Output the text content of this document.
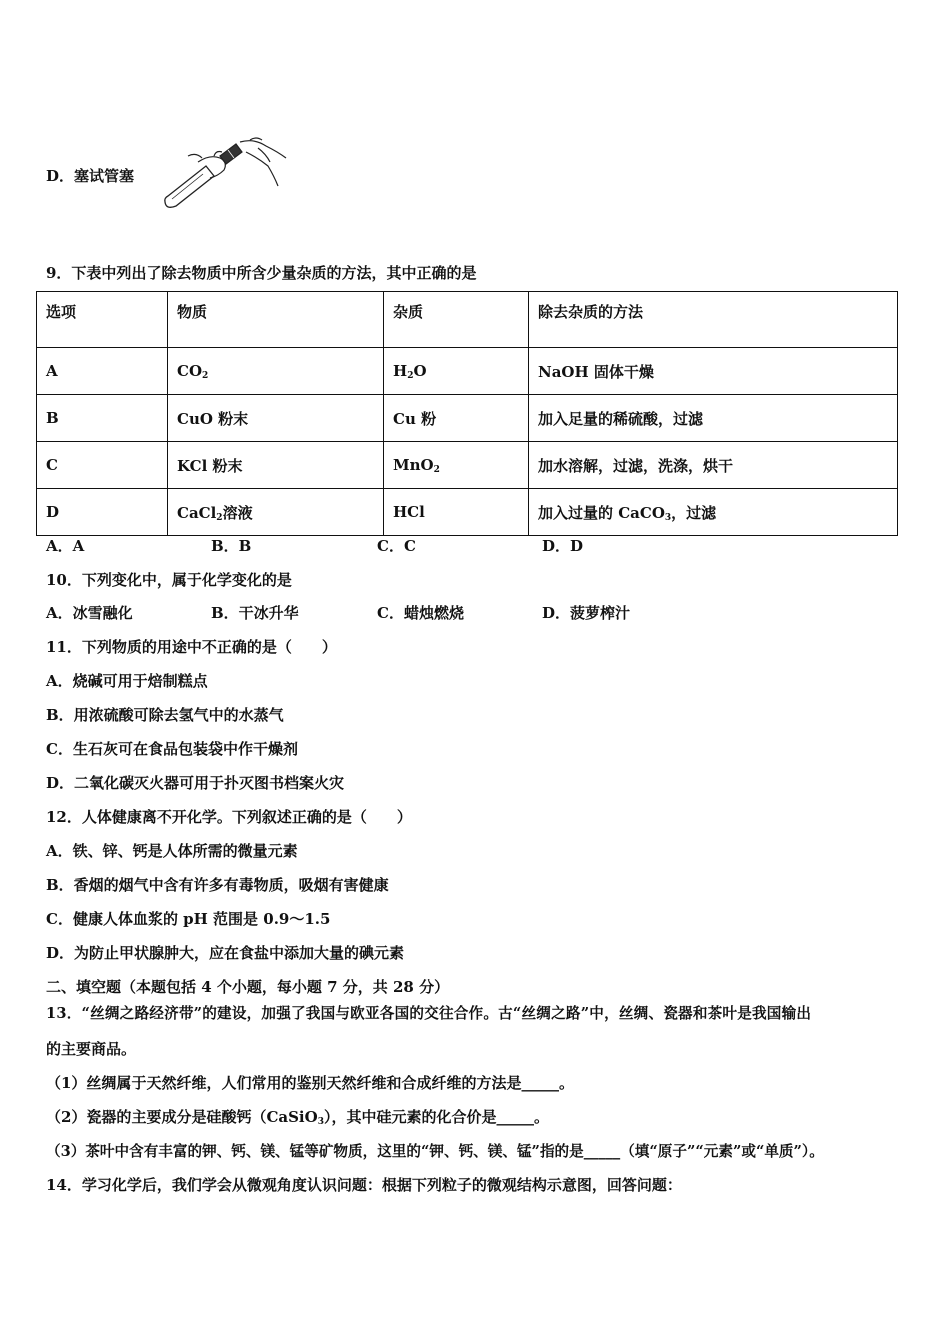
D．塞试管塞
9．下表中列出了除去物质中所含少量杂质的方法，其中正确的是
选项	物质	杂质	除去杂质的方法
A	$CO_2$	$H_2O$	NaOH 固体干燥
B	CuO 粉末	Cu 粉	加入足量的稀硫酸，过滤
C	KCl 粉末	MnO$_2$	加水溶解，过滤，洗涤，烘干
D	CaCl$_2$溶液	HCl	加入过量的 CaCO$_3$，过滤
A．A	B．B	C．C	D．D
10．下列变化中，属于化学变化的是
A．冰雪融化	B．干冰升华	C．蜡烛燃烧	D．菠萝榨汁
11．下列物质的用途中不正确的是（　　）
A．烧碱可用于焙制糕点
B．用浓硫酸可除去氢气中的水蒸气
C．生石灰可在食品包装袋中作干燥剂
D．二氧化碳灭火器可用于扑灭图书档案火灾
12．人体健康离不开化学。下列叙述正确的是（　　）
A．铁、锌、钙是人体所需的微量元素
B．香烟的烟气中含有许多有毒物质，吸烟有害健康
C．健康人体血浆的 pH 范围是 0.9～1.5
D．为防止甲状腺肿大，应在食盐中添加大量的碘元素
二、填空题（本题包括 4 个小题，每小题 7 分，共 28 分）
13．“丝绸之路经济带”的建设，加强了我国与欧亚各国的交往合作。古“丝绸之路”中，丝绸、瓷器和茶叶是我国输出
的主要商品。
（1）丝绸属于天然纤维，人们常用的鉴别天然纤维和合成纤维的方法是_____。
（2）瓷器的主要成分是硅酸钙（CaSiO$_3$），其中硅元素的化合价是_____。
（3）茶叶中含有丰富的钾、钙、镁、锰等矿物质，这里的“钾、钙、镁、锰”指的是_____（填“原子”“元素”或“单质”）。
14．学习化学后，我们学会从微观角度认识问题：根据下列粒子的微观结构示意图，回答问题：
